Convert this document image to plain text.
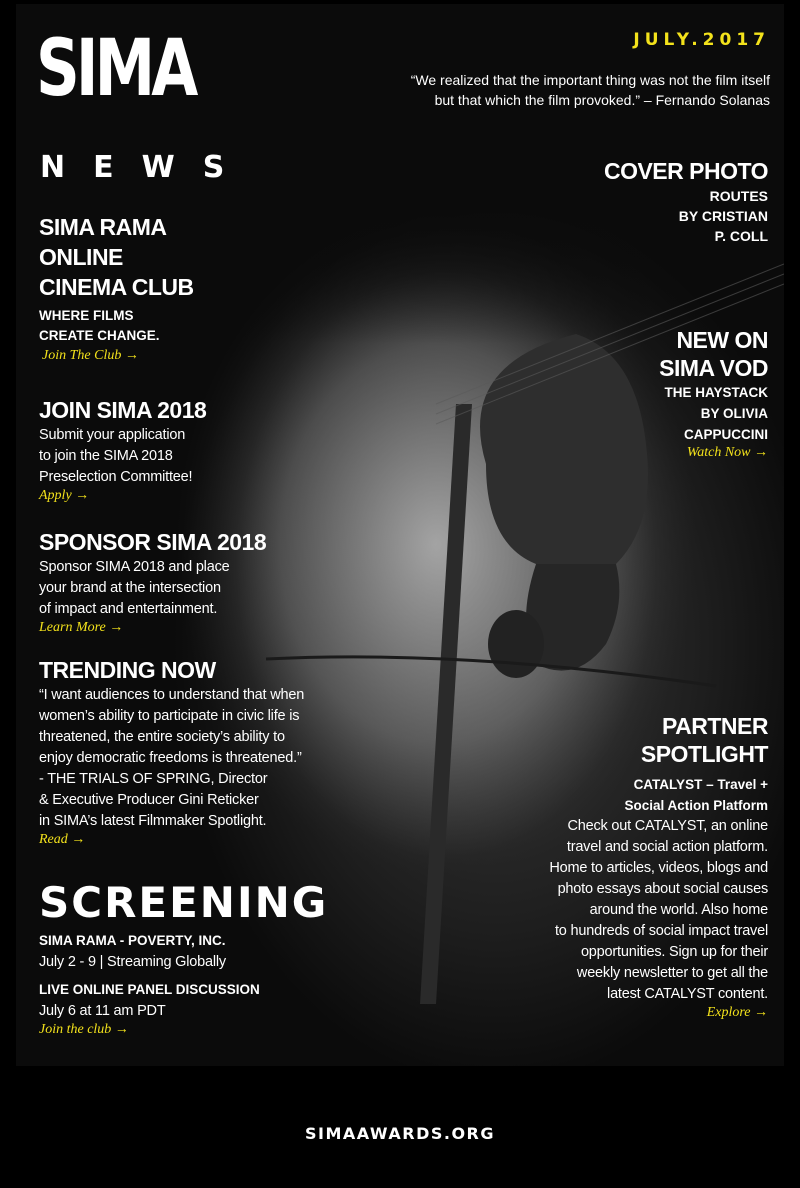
SIMA
NEWS
JULY.2017
“We realized that the important thing was not the film itself
but that which the film provoked.” – Fernando Solanas
COVER PHOTO
ROUTES
BY CRISTIAN
P. COLL
SIMA RAMA
ONLINE
CINEMA CLUB
WHERE FILMS
CREATE CHANGE.
Join The Club →
JOIN SIMA 2018
Submit your application
to join the SIMA 2018
Preselection Committee!
Apply →
SPONSOR SIMA 2018
Sponsor SIMA 2018 and place
your brand at the intersection
of impact and entertainment.
Learn More →
TRENDING NOW
“I want audiences to understand that when
women’s ability to participate in civic life is
threatened, the entire society’s ability to
enjoy democratic freedoms is threatened.”
- THE TRIALS OF SPRING, Director
& Executive Producer Gini Reticker
in SIMA’s latest Filmmaker Spotlight.
Read →
SCREENING
SIMA RAMA - POVERTY, INC.
July 2 - 9 | Streaming Globally
LIVE ONLINE PANEL DISCUSSION
July 6 at 11 am PDT
Join the club →
NEW ON
SIMA VOD
THE HAYSTACK
BY OLIVIA
CAPPUCCINI
Watch Now →
PARTNER
SPOTLIGHT
CATALYST – Travel +
Social Action Platform
Check out CATALYST, an online
travel and social action platform.
Home to articles, videos, blogs and
photo essays about social causes
around the world. Also home
to hundreds of social impact travel
opportunities. Sign up for their
weekly newsletter to get all the
latest CATALYST content.
Explore →
SIMAAWARDS.ORG
